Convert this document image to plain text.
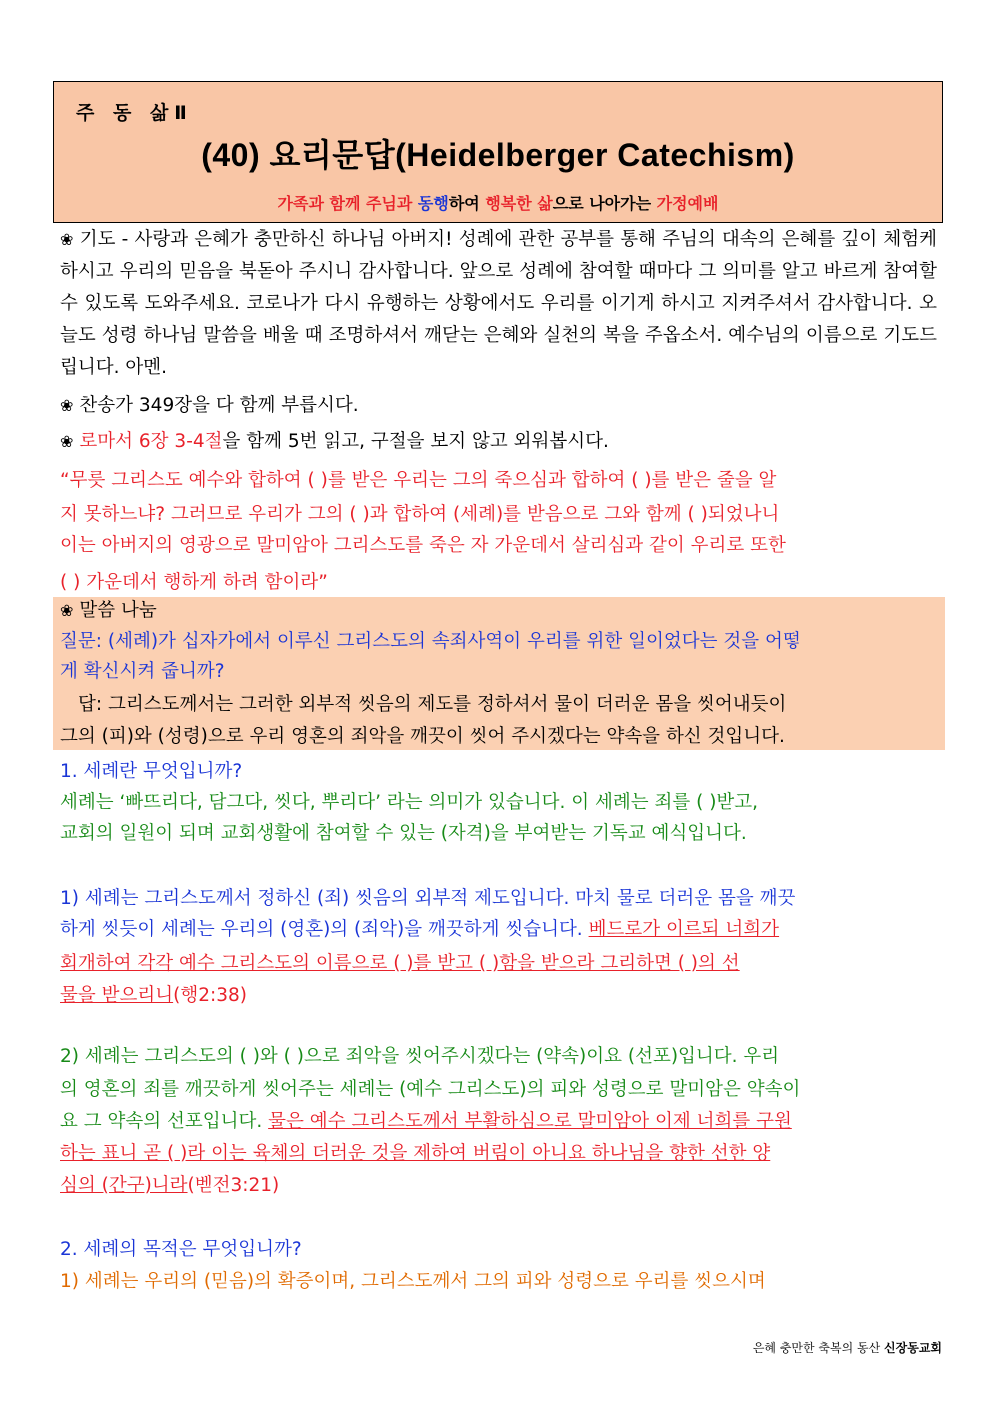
주 동 삶Ⅱ
(40) 요리문답(Heidelberger Catechism)
가족과 함께 주님과 동행하여 행복한 삶으로 나아가는 가정예배
❀ 기도 - 사랑과 은혜가 충만하신 하나님 아버지! 성례에 관한 공부를 통해 주님의 대속의 은혜를 깊이 체험케 하시고 우리의 믿음을 북돋아 주시니 감사합니다. 앞으로 성례에 참여할 때마다 그 의미를 알고 바르게 참여할 수 있도록 도와주세요. 코로나가 다시 유행하는 상황에서도 우리를 이기게 하시고 지켜주셔서 감사합니다. 오늘도 성령 하나님 말씀을 배울 때 조명하셔서 깨닫는 은혜와 실천의 복을 주옵소서. 예수님의 이름으로 기도드립니다. 아멘.
❀ 찬송가 349장을 다 함께 부릅시다.
❀ 로마서 6장 3-4절을 함께 5번 읽고, 구절을 보지 않고 외워봅시다.
“무릇 그리스도 예수와 합하여 ( )를 받은 우리는 그의 죽으심과 합하여 ( )를 받은 줄을 알
지 못하느냐? 그러므로 우리가 그의 ( )과 합하여 (세례)를 받음으로 그와 함께 ( )되었나니
이는 아버지의 영광으로 말미암아 그리스도를 죽은 자 가운데서 살리심과 같이 우리로 또한
( ) 가운데서 행하게 하려 함이라”
❀ 말씀 나눔
질문: (세례)가 십자가에서 이루신 그리스도의 속죄사역이 우리를 위한 일이었다는 것을 어떻
게 확신시켜 줍니까?
답: 그리스도께서는 그러한 외부적 씻음의 제도를 정하셔서 물이 더러운 몸을 씻어내듯이
그의 (피)와 (성령)으로 우리 영혼의 죄악을 깨끗이 씻어 주시겠다는 약속을 하신 것입니다.
1. 세례란 무엇입니까?
세례는 ‘빠뜨리다, 담그다, 씻다, 뿌리다’ 라는 의미가 있습니다. 이 세례는 죄를 ( )받고,
교회의 일원이 되며 교회생활에 참여할 수 있는 (자격)을 부여받는 기독교 예식입니다.
1) 세례는 그리스도께서 정하신 (죄) 씻음의 외부적 제도입니다. 마치 물로 더러운 몸을 깨끗
하게 씻듯이 세례는 우리의 (영혼)의 (죄악)을 깨끗하게 씻습니다. 베드로가 이르되 너희가
회개하여 각각 예수 그리스도의 이름으로 ( )를 받고 ( )함을 받으라 그리하면 ( )의 선
물을 받으리니(행2:38)
2) 세례는 그리스도의 ( )와 ( )으로 죄악을 씻어주시겠다는 (약속)이요 (선포)입니다. 우리
의 영혼의 죄를 깨끗하게 씻어주는 세례는 (예수 그리스도)의 피와 성령으로 말미암은 약속이
요 그 약속의 선포입니다. 물은 예수 그리스도께서 부활하심으로 말미암아 이제 너희를 구원
하는 표니 곧 ( )라 이는 육체의 더러운 것을 제하여 버림이 아니요 하나님을 향한 선한 양
심의 (간구)니라(벧전3:21)
2. 세례의 목적은 무엇입니까?
1) 세례는 우리의 (믿음)의 확증이며, 그리스도께서 그의 피와 성령으로 우리를 씻으시며
은혜 충만한 축복의 동산 신장동교회
